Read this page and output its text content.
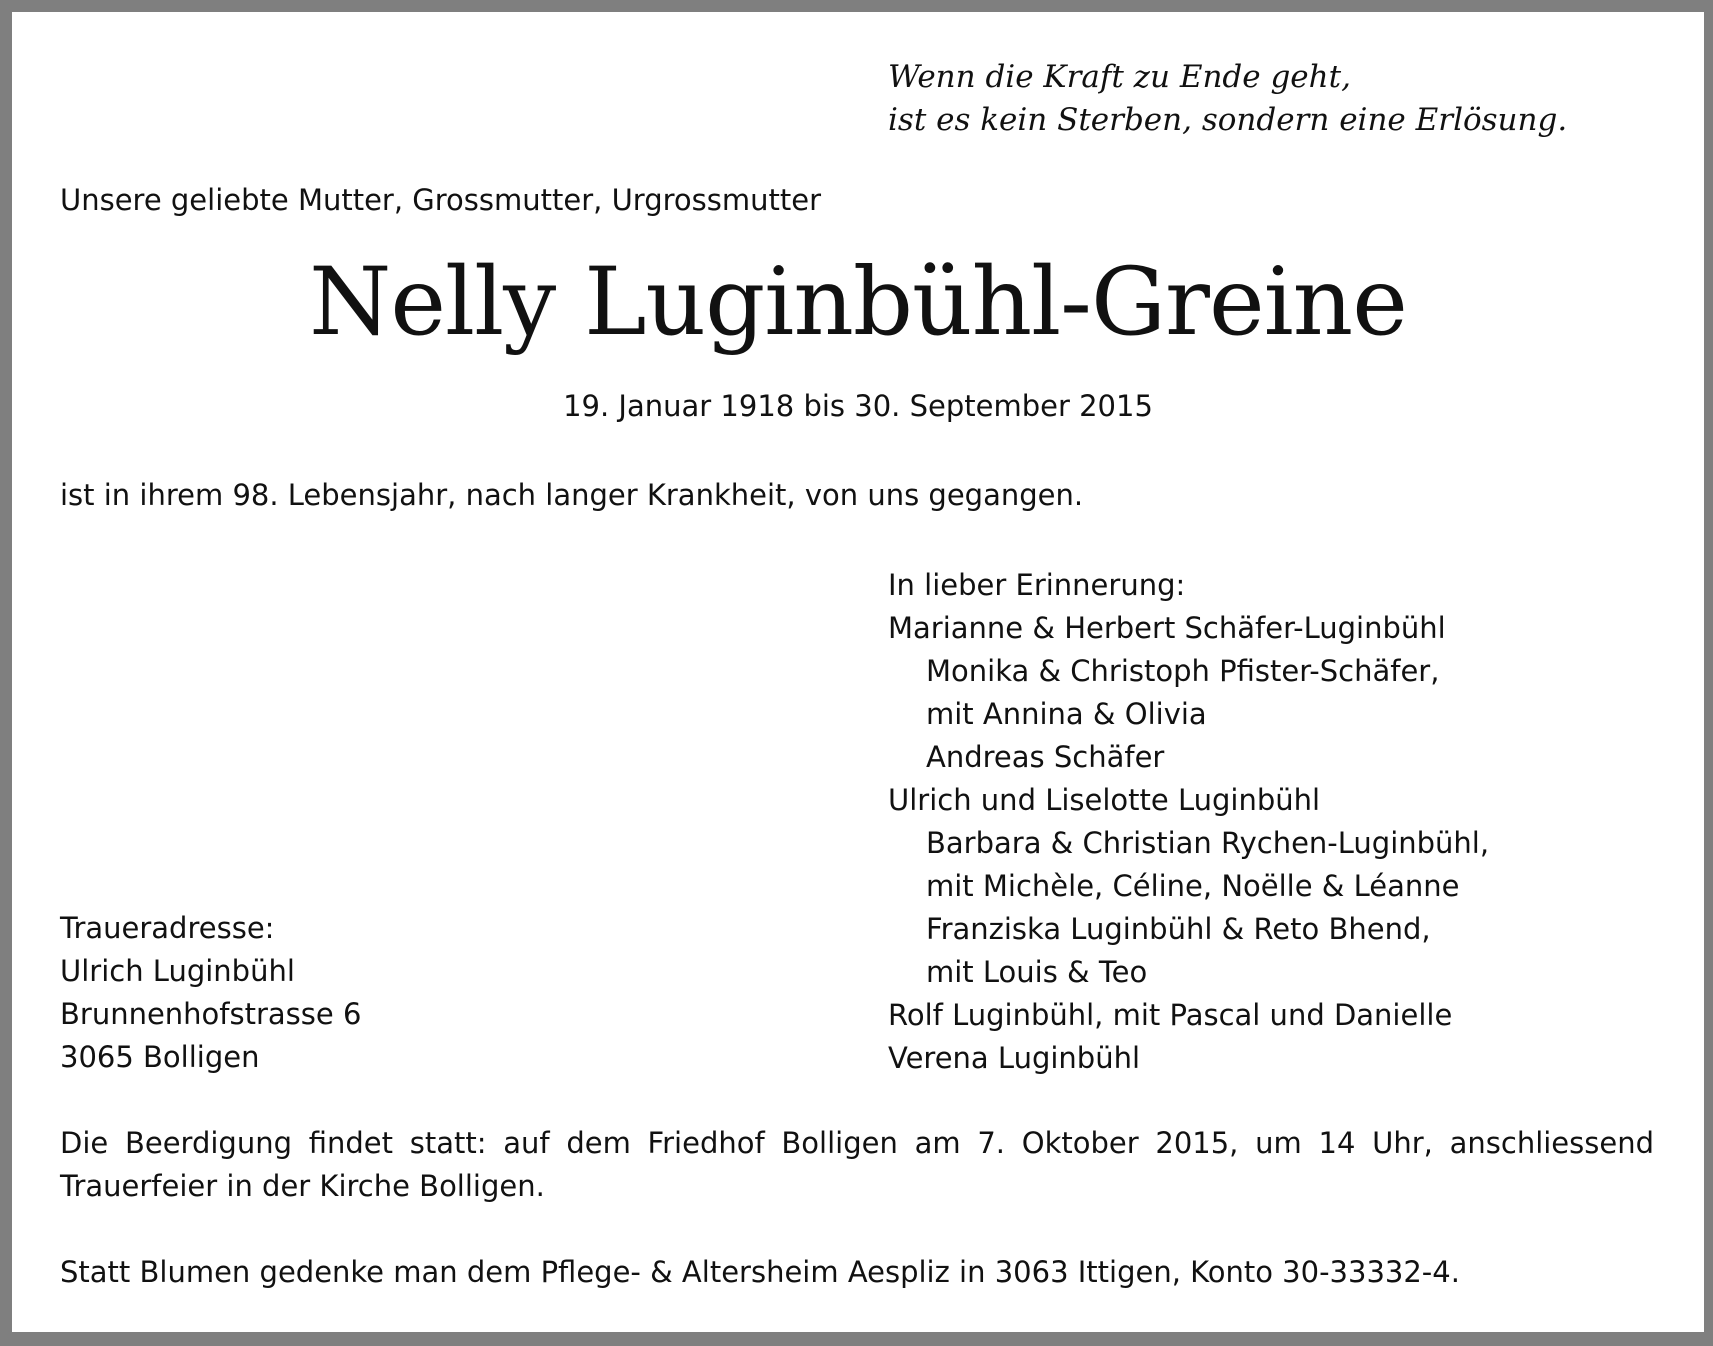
Wenn die Kraft zu Ende geht,
ist es kein Sterben, sondern eine Erlösung.
Unsere geliebte Mutter, Grossmutter, Urgrossmutter
Nelly Luginbühl-Greine
19. Januar 1918 bis 30. September 2015
ist in ihrem 98. Lebensjahr, nach langer Krankheit, von uns gegangen.
In lieber Erinnerung:
Marianne & Herbert Schäfer-Luginbühl
Monika & Christoph Pfister-Schäfer,
mit Annina & Olivia
Andreas Schäfer
Ulrich und Liselotte Luginbühl
Barbara & Christian Rychen-Luginbühl,
mit Michèle, Céline, Noëlle & Léanne
Franziska Luginbühl & Reto Bhend,
mit Louis & Teo
Rolf Luginbühl, mit Pascal und Danielle
Verena Luginbühl
Traueradresse:
Ulrich Luginbühl
Brunnenhofstrasse 6
3065 Bolligen
Die Beerdigung findet statt: auf dem Friedhof Bolligen am 7. Oktober 2015, um 14 Uhr, anschliessend Trauerfeier in der Kirche Bolligen.
Statt Blumen gedenke man dem Pflege- & Altersheim Aespliz in 3063 Ittigen, Konto 30-33332-4.
